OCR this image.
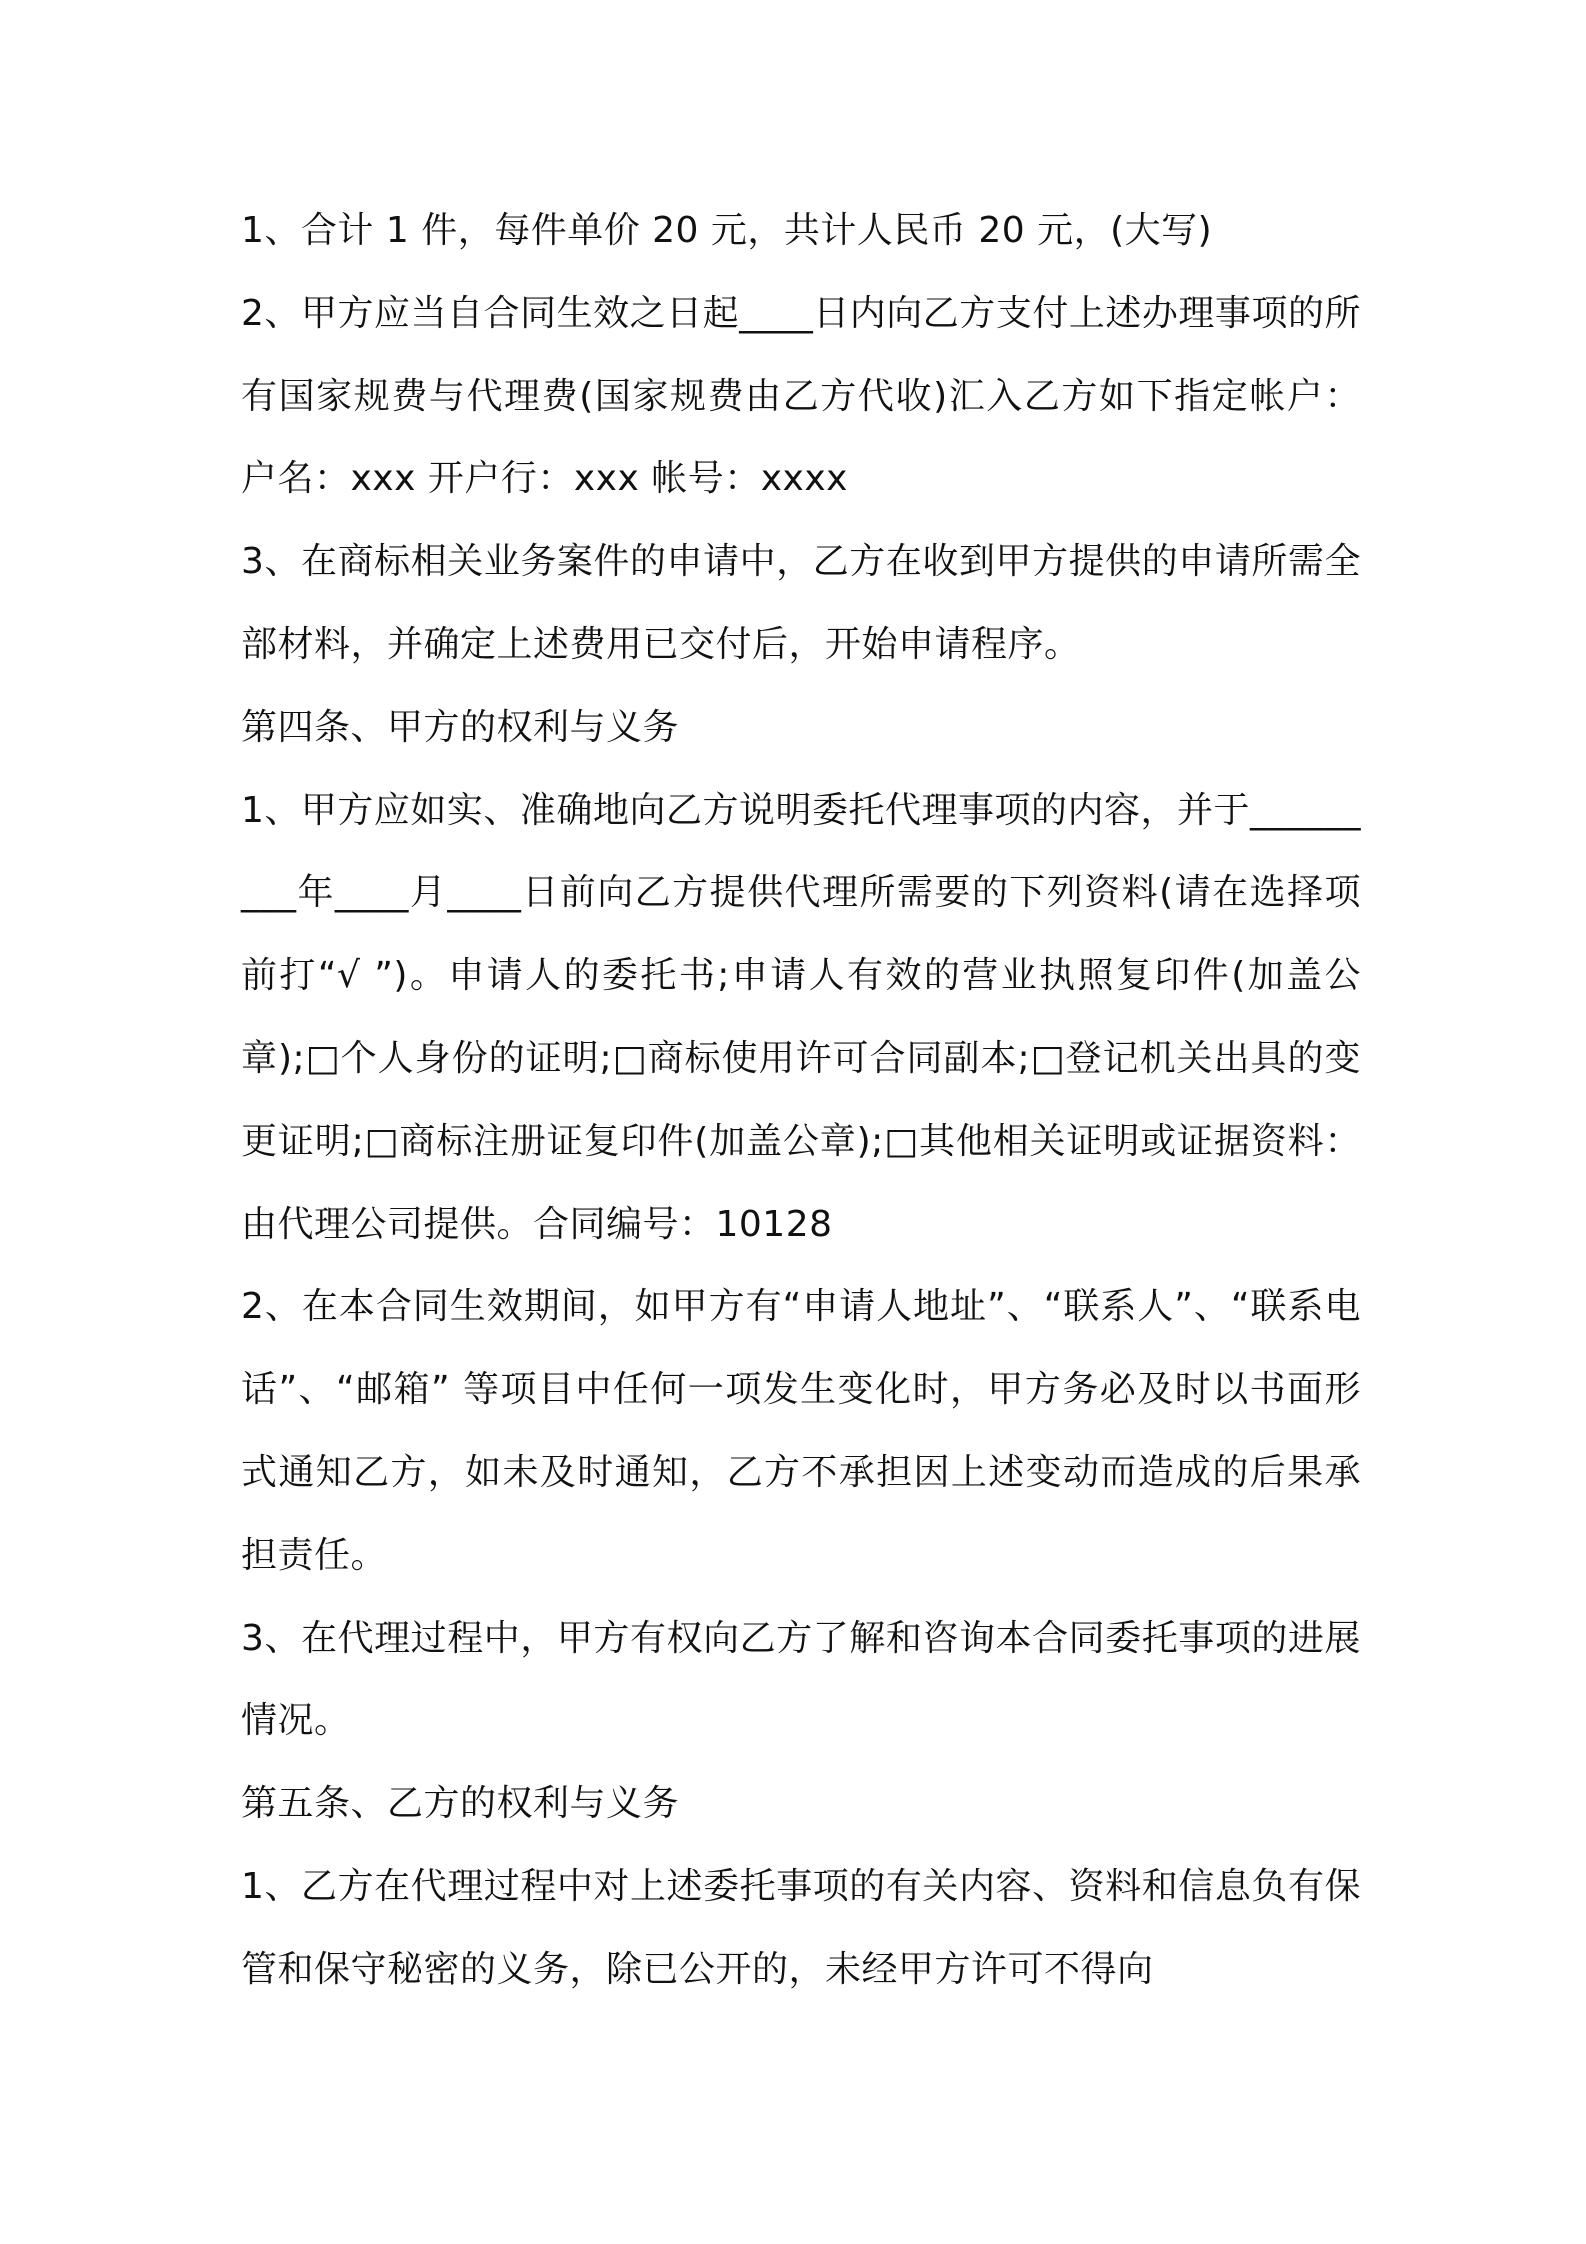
1、合计 1 件，每件单价 20 元，共计人民币 20 元，(大写)

2、甲方应当自合同生效之日起____日内向乙方支付上述办理事项的所有国家规费与代理费(国家规费由乙方代收)汇入乙方如下指定帐户：户名：xxx 开户行：xxx 帐号：xxxx

3、在商标相关业务案件的申请中，乙方在收到甲方提供的申请所需全部材料，并确定上述费用已交付后，开始申请程序。

第四条、甲方的权利与义务

1、甲方应如实、准确地向乙方说明委托代理事项的内容，并于_________年____月____日前向乙方提供代理所需要的下列资料(请在选择项前打“√ ”)。申请人的委托书;申请人有效的营业执照复印件(加盖公章);□个人身份的证明;□商标使用许可合同副本;□登记机关出具的变更证明;□商标注册证复印件(加盖公章);□其他相关证明或证据资料：由代理公司提供。合同编号：10128

2、在本合同生效期间，如甲方有“申请人地址”、“联系人”、“联系电话”、“邮箱” 等项目中任何一项发生变化时，甲方务必及时以书面形式通知乙方，如未及时通知，乙方不承担因上述变动而造成的后果承担责任。

3、在代理过程中，甲方有权向乙方了解和咨询本合同委托事项的进展情况。

第五条、乙方的权利与义务

1、乙方在代理过程中对上述委托事项的有关内容、资料和信息负有保管和保守秘密的义务，除已公开的，未经甲方许可不得向
